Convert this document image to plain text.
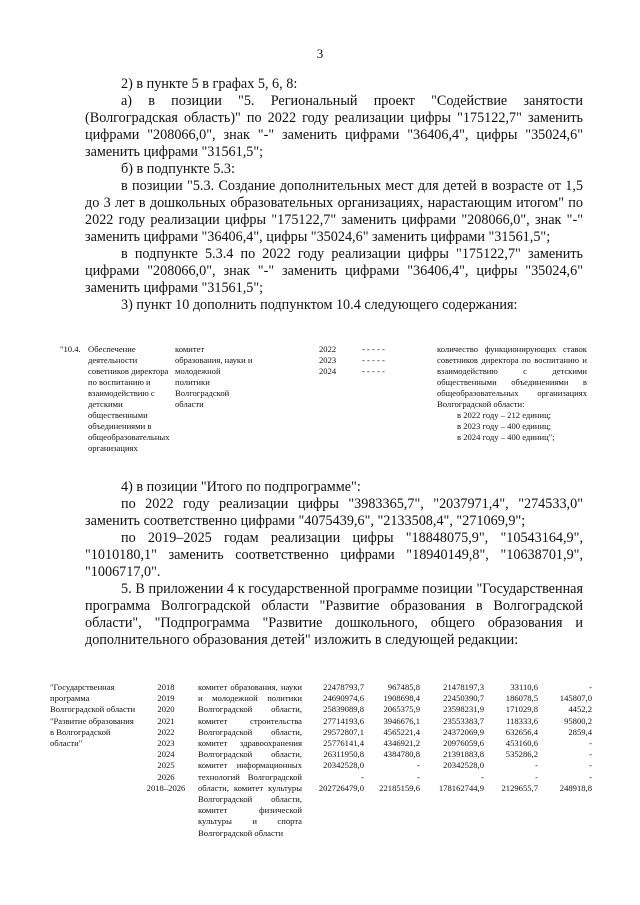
3

2) в пункте 5 в графах 5, 6, 8:

а) в позиции "5. Региональный проект "Содействие занятости (Волгоградская область)" по 2022 году реализации цифры "175122,7" заменить цифрами "208066,0", знак "-" заменить цифрами "36406,4", цифры "35024,6" заменить цифрами "31561,5";

б) в подпункте 5.3:

в позиции "5.3. Создание дополнительных мест для детей в возрасте от 1,5 до 3 лет в дошкольных образовательных организациях, нарастающим итогом" по 2022 году реализации цифры "175122,7" заменить цифрами "208066,0", знак "-" заменить цифрами "36406,4", цифры "35024,6" заменить цифрами "31561,5";

в подпункте 5.3.4 по 2022 году реализации цифры "175122,7" заменить цифрами "208066,0", знак "-" заменить цифрами "36406,4", цифры "35024,6" заменить цифрами "31561,5";

3) пункт 10 дополнить подпунктом 10.4 следующего содержания:

"10.4. Обеспечение деятельности советников директора по воспитанию и взаимодействию с детскими общественными объединениями в общеобразовательных организациях
комитет образования, науки и молодежной политики Волгоградской области
2022
2023
2024
- - - - -
- - - - -
- - - - -
количество функционирующих ставок советников директора по воспитанию и взаимодействию с детскими общественными объединениями в общеобразовательных организациях Волгоградской области:
в 2022 году – 212 единиц;
в 2023 году – 400 единиц;
в 2024 году – 400 единиц";

4) в позиции "Итого по подпрограмме":

по 2022 году реализации цифры "3983365,7", "2037971,4", "274533,0" заменить соответственно цифрами "4075439,6", "2133508,4", "271069,9";

по 2019–2025 годам реализации цифры "18848075,9", "10543164,9", "1010180,1" заменить соответственно цифрами "18940149,8", "10638701,9", "1006717,0".

5. В приложении 4 к государственной программе позиции "Государственная программа Волгоградской области "Развитие образования в Волгоградской области", "Подпрограмма "Развитие дошкольного, общего образования и дополнительного образования детей" изложить в следующей редакции:

"Государственная программа Волгоградской области "Развитие образования в Волгоградской области"
2018
2019
2020
2021
2022
2023
2024
2025
2026
2018–2026
комитет образования, науки и молодежной политики Волгоградской области, комитет строительства Волгоградской области, комитет здравоохранения Волгоградской области, комитет информационных технологий Волгоградской области, комитет культуры Волгоградской области, комитет физической культуры и спорта Волгоградской области
22478793,7
24690974,6
25839089,8
27714193,6
29572807,1
25776141,4
26311950,8
20342528,0
-
202726479,0
967485,8
1908698,4
2065375,9
3946676,1
4565221,4
4346921,2
4384780,8
-
-
22185159,6
21478197,3
22450390,7
23598231,9
23553383,7
24372069,9
20976059,6
21391883,8
20342528,0
-
178162744,9
33110,6
186078,5
171029,8
118333,6
632656,4
453160,6
535286,2
-
-
2129655,7
-
145807,0
4452,2
95800,2
2859,4
-
-
-
-
248918,8
